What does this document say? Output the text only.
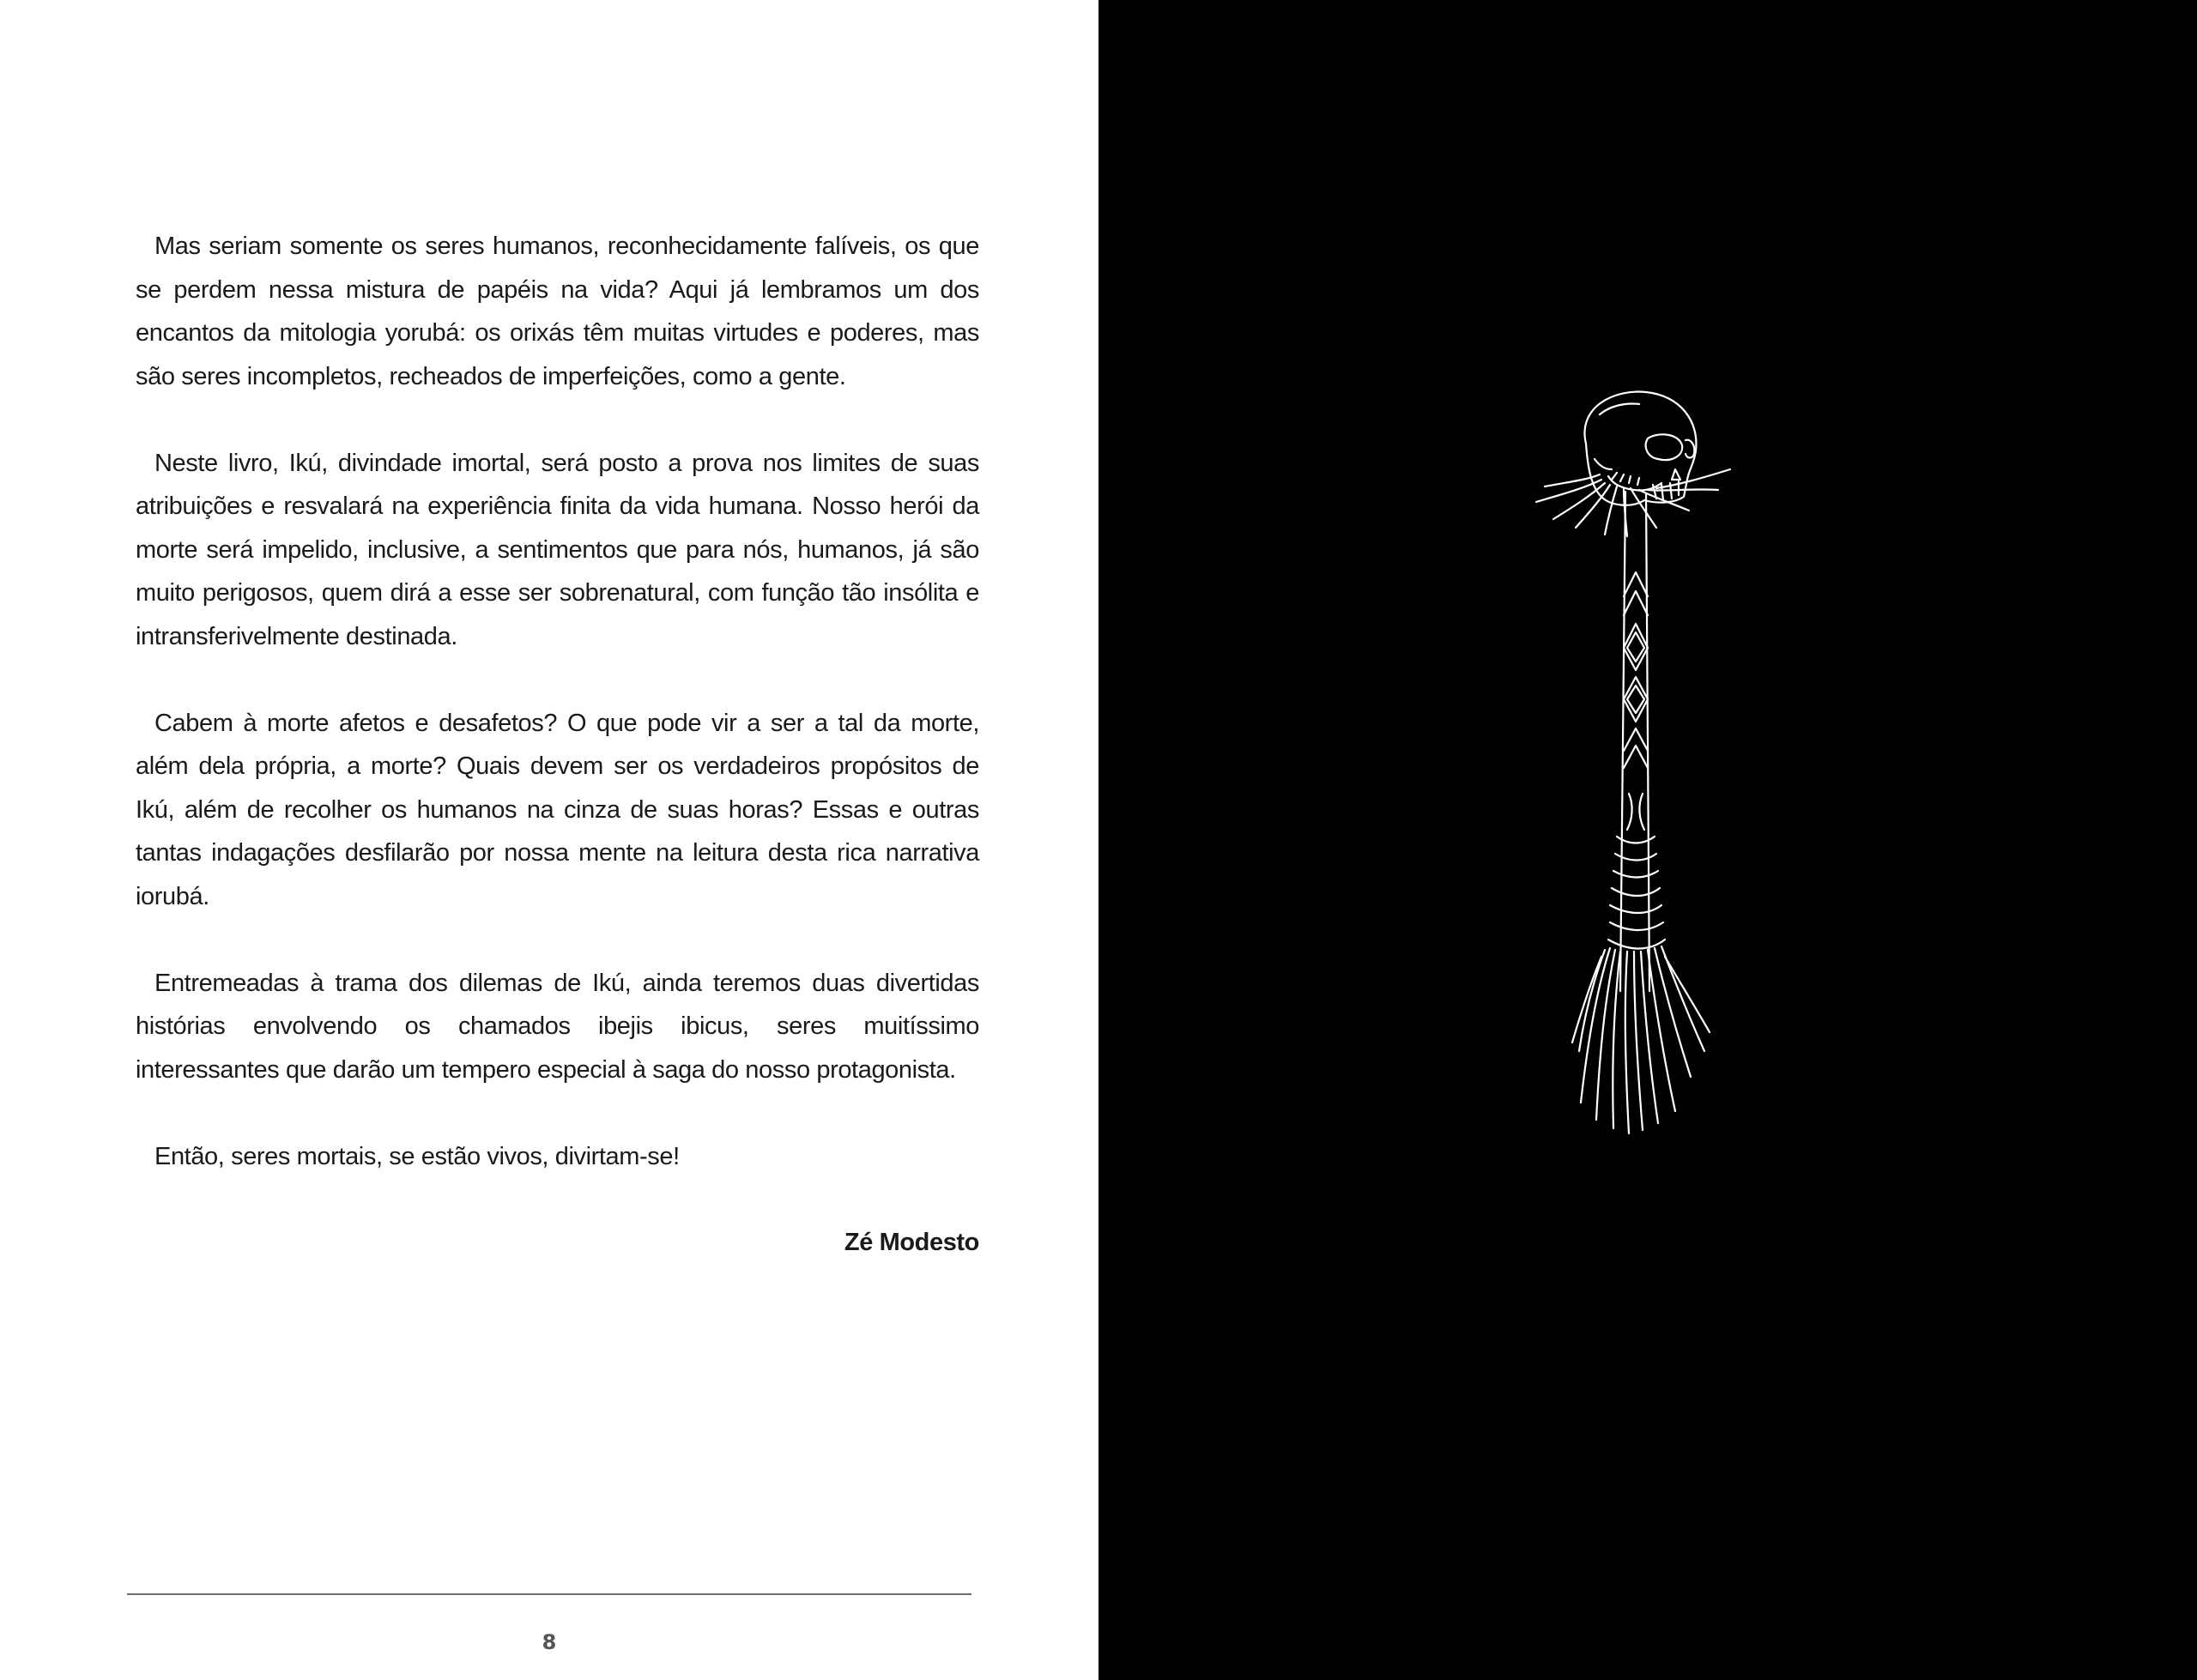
Mas seriam somente os seres humanos, reconhecidamente falíveis, os que se perdem nessa mistura de papéis na vida? Aqui já lembramos um dos encantos da mitologia yorubá: os orixás têm muitas virtudes e poderes, mas são seres incompletos, recheados de imperfeições, como a gente.

Neste livro, Ikú, divindade imortal, será posto a prova nos limites de suas atribuições e resvalará na experiência finita da vida humana. Nosso herói da morte será impelido, inclusive, a sentimentos que para nós, humanos, já são muito perigosos, quem dirá a esse ser sobrenatural, com função tão insólita e intransferivelmente destinada.

Cabem à morte afetos e desafetos? O que pode vir a ser a tal da morte, além dela própria, a morte? Quais devem ser os verdadeiros propósitos de Ikú, além de recolher os humanos na cinza de suas horas? Essas e outras tantas indagações desfilarão por nossa mente na leitura desta rica narrativa iorubá.

Entremeadas à trama dos dilemas de Ikú, ainda teremos duas divertidas histórias envolvendo os chamados ibejis ibicus, seres muitíssimo interessantes que darão um tempero especial à saga do nosso protagonista.

Então, seres mortais, se estão vivos, divirtam-se!

Zé Modesto
8
